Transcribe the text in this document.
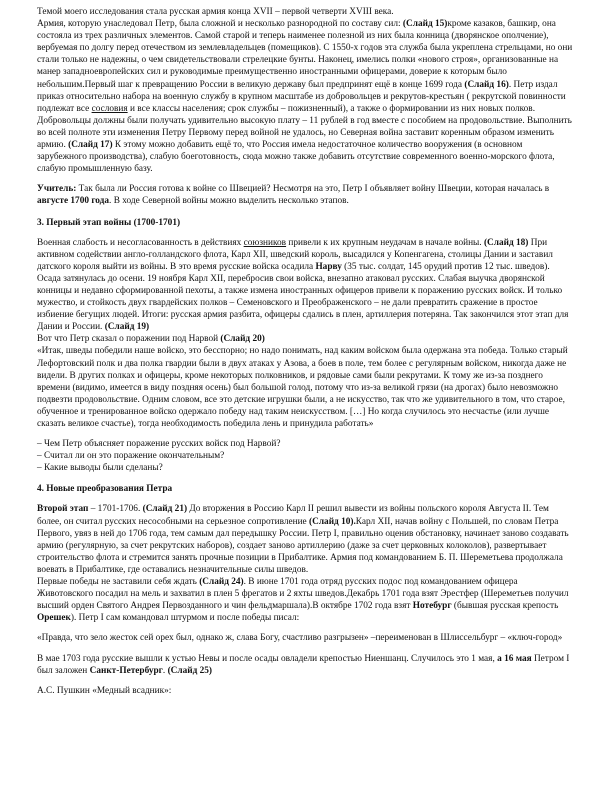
Темой моего исследования стала русская армия конца XVII – первой четверти XVIII века.

Армия, которую унаследовал Петр, была сложной и несколько разнородной по составу сил: (Слайд 15)кроме казаков, башкир, она состояла из трех различных элементов. Самой старой и теперь наименее полезной из них была конница (дворянское ополчение), вербуемая по долгу перед отечеством из землевладельцев (помещиков). С 1550-х годов эта служба была укреплена стрельцами, но они стали только не надежны, о чем свидетельствовали стрелецкие бунты. Наконец, имелись полки «нового строя», организованные на манер западноевропейских сил и руководимые преимущественно иностранными офицерами, доверие к которым было небольшим.Первый шаг к превращению России в великую державу был предпринят ещё в конце 1699 года (Слайд 16). Петр издал приказ относительно набора на военную службу в крупном масштабе из добровольцев и рекрутов-крестьян ( рекрутской повинности подлежат все сословия и все классы населения; срок службы – пожизненный), а также о формировании из них новых полков. Добровольцы должны были получать удивительно высокую плату – 11 рублей в год вместе с пособием на продовольствие. Выполнить во всей полноте эти изменения Петру Первому перед войной не удалось, но Северная война заставит коренным образом изменить армию. (Слайд 17) К этому можно добавить ещё то, что Россия имела недостаточное количество вооружения (в основном зарубежного производства), слабую боеготовность, сюда можно также добавить отсутствие современного военно-морского флота, слабую промышленную базу.

Учитель: Так была ли Россия готова к войне со Швецией? Несмотря на это, Петр I объявляет войну Швеции, которая началась в августе 1700 года. В ходе Северной войны можно выделить несколько этапов.

3. Первый этап войны (1700-1701)

Военная слабость и несогласованность в действиях союзников привели к их крупным неудачам в начале войны. (Слайд 18) При активном содействии англо-голландского флота, Карл XII, шведский король, высадился у Копенгагена, столицы Дании и заставил датского короля выйти из войны. В это время русские войска осадила Нарву (35 тыс. солдат, 145 орудий против 12 тыс. шведов). Осада затянулась до осени. 19 ноября Карл XII, перебросив свои войска, внезапно атаковал русских. Слабая выучка дворянской конницы и недавно сформированной пехоты, а также измена иностранных офицеров привели к поражению русских войск. И только мужество, и стойкость двух гвардейских полков – Семеновского и Преображенского – не дали превратить сражение в простое избиение бегущих людей. Итоги: русская армия разбита, офицеры сдались в плен, артиллерия потеряна. Так закончился этот этап для Дании и России. (Слайд 19)

Вот что Петр сказал о поражении под Нарвой (Слайд 20)

«Итак, шведы победили наше войско, это бесспорно; но надо понимать, над каким войском была одержана эта победа. Только старый Лефортовский полк и два полка гвардии были в двух атаках у Азова, а боев в поле, тем более с регулярным войском, никогда даже не видели. В других полках и офицеры, кроме некоторых полковников, и рядовые сами были рекрутами. К тому же из-за позднего времени (видимо, имеется в виду поздняя осень) был большой голод, потому что из-за великой грязи (на дрогах) было невозможно подвезти продовольствие. Одним словом, все это детские игрушки были, а не искусство, так что же удивительного в том, что старое, обученное и тренированное войско одержало победу над таким неискусством. […] Но когда случилось это несчастье (или лучше сказать великое счастье), тогда необходимость победила лень и принудила работать»

– Чем Петр объясняет поражение русских войск под Нарвой?

– Считал ли он это поражение окончательным?

– Какие выводы были сделаны?

4. Новые преобразования Петра

Второй этап – 1701-1706. (Слайд 21) До вторжения в Россию Карл II решил вывести из войны польского короля Августа II. Тем более, он считал русских несособными на серьезное сопротивление (Слайд 10).Карл XII, начав войну с Польшей, по словам Петра Первого, увяз в ней до 1706 года, тем самым дал передышку России. Петр I, правильно оценив обстановку, начинает заново создавать армию (регулярную, за счет рекрутских наборов), создает заново артиллерию (даже за счет церковных колоколов), развертывает строительство флота и стремится занять прочные позиции в Прибалтике. Армия под командованием Б. П. Шереметьева продолжала воевать в Прибалтике, где оставались незначительные силы шведов.

Первые победы не заставили себя ждать (Слайд 24). В июне 1701 года отряд русских подос под командованием офицера Животовского посадил на мель и захватил в плен 5 фрегатов и 2 яхты шведов.Декабрь 1701 года взят Эрестфер (Шереметьев получил высший орден Святого Андрея Первозданного и чин фельдмаршала).В октябре 1702 года взят Нотебург (бывшая русская крепость Орешек). Петр I сам командовал штурмом и после победы писал:

«Правда, что зело жесток сей орех был, однако ж, слава Богу, счастливо разгрызен» –переименован в Шлиссельбург – «ключ-город»

В мае 1703 года русские вышли к устью Невы и после осады овладели крепостью Ниеншанц. Случилось это 1 мая, а 16 мая Петром I был заложен Санкт-Петербург. (Слайд 25)

А.С. Пушкин «Медный всадник»:
